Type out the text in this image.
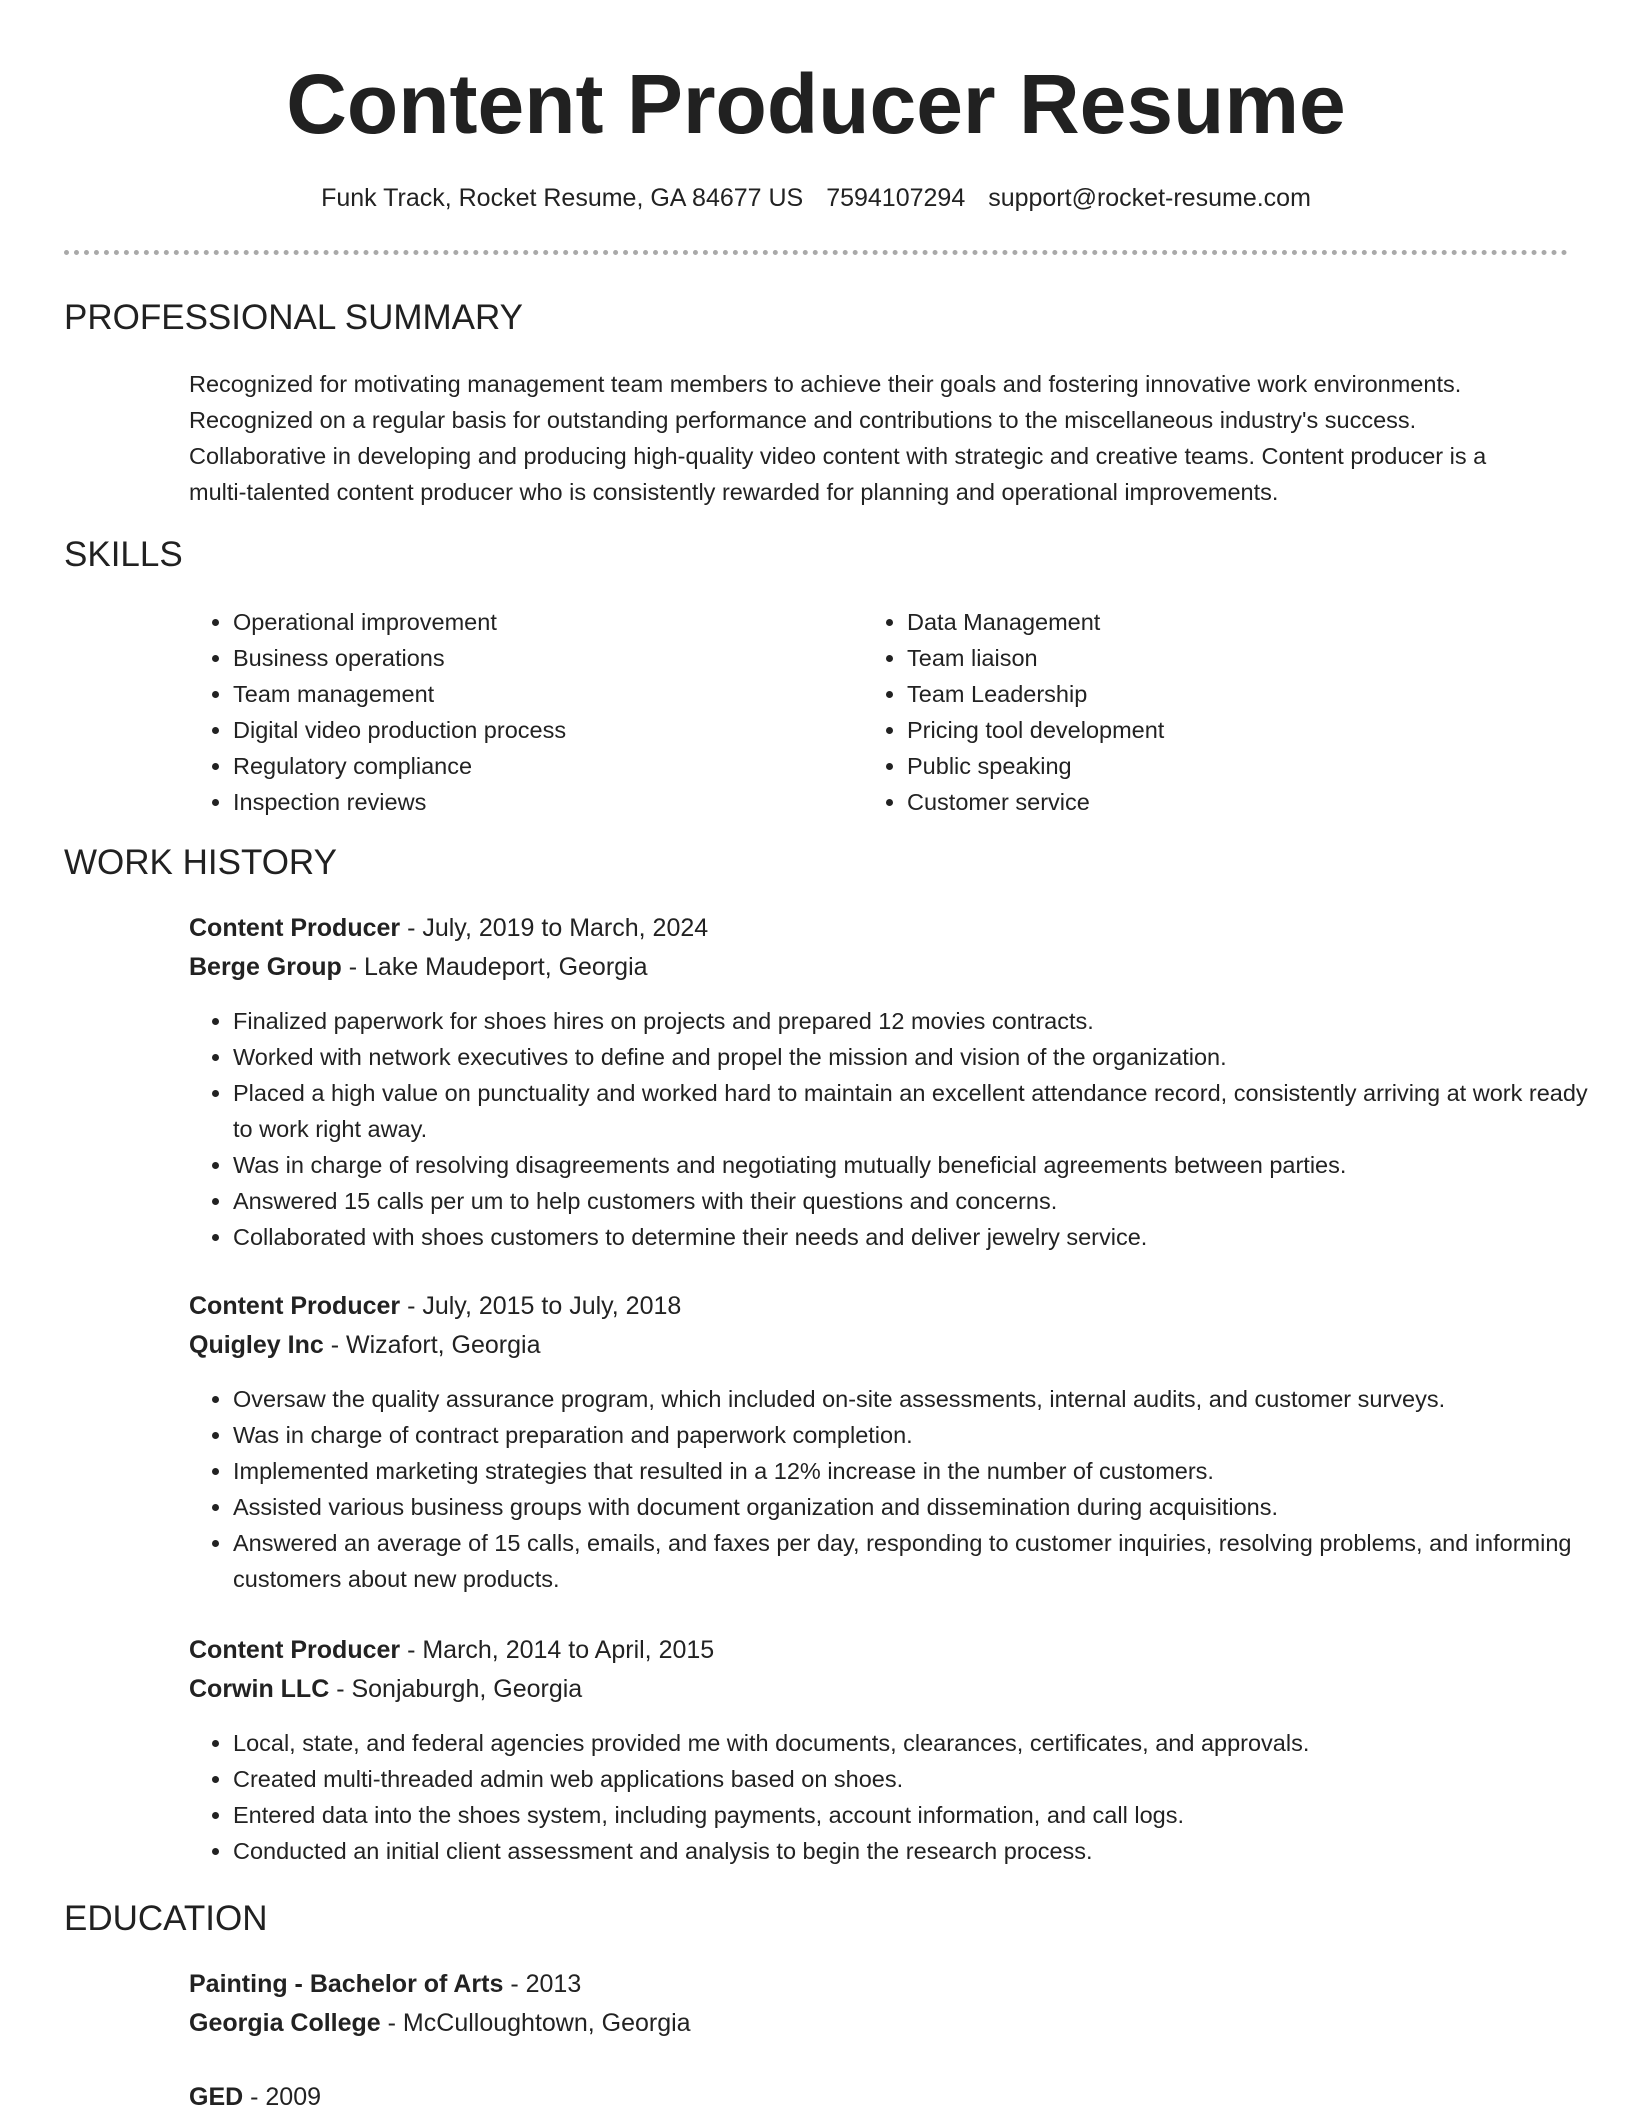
Content Producer Resume
Funk Track, Rocket Resume, GA 84677 US 7594107294 support@rocket-resume.com
PROFESSIONAL SUMMARY
Recognized for motivating management team members to achieve their goals and fostering innovative work environments.
Recognized on a regular basis for outstanding performance and contributions to the miscellaneous industry's success.
Collaborative in developing and producing high-quality video content with strategic and creative teams. Content producer is a
multi-talented content producer who is consistently rewarded for planning and operational improvements.
SKILLS
• Operational improvement
• Business operations
• Team management
• Digital video production process
• Regulatory compliance
• Inspection reviews
• Data Management
• Team liaison
• Team Leadership
• Pricing tool development
• Public speaking
• Customer service
WORK HISTORY
Content Producer - July, 2019 to March, 2024
Berge Group - Lake Maudeport, Georgia
• Finalized paperwork for shoes hires on projects and prepared 12 movies contracts.
• Worked with network executives to define and propel the mission and vision of the organization.
• Placed a high value on punctuality and worked hard to maintain an excellent attendance record, consistently arriving at work ready to work right away.
• Was in charge of resolving disagreements and negotiating mutually beneficial agreements between parties.
• Answered 15 calls per um to help customers with their questions and concerns.
• Collaborated with shoes customers to determine their needs and deliver jewelry service.
Content Producer - July, 2015 to July, 2018
Quigley Inc - Wizafort, Georgia
• Oversaw the quality assurance program, which included on-site assessments, internal audits, and customer surveys.
• Was in charge of contract preparation and paperwork completion.
• Implemented marketing strategies that resulted in a 12% increase in the number of customers.
• Assisted various business groups with document organization and dissemination during acquisitions.
• Answered an average of 15 calls, emails, and faxes per day, responding to customer inquiries, resolving problems, and informing customers about new products.
Content Producer - March, 2014 to April, 2015
Corwin LLC - Sonjaburgh, Georgia
• Local, state, and federal agencies provided me with documents, clearances, certificates, and approvals.
• Created multi-threaded admin web applications based on shoes.
• Entered data into the shoes system, including payments, account information, and call logs.
• Conducted an initial client assessment and analysis to begin the research process.
EDUCATION
Painting - Bachelor of Arts - 2013
Georgia College - McCulloughtown, Georgia
GED - 2009
